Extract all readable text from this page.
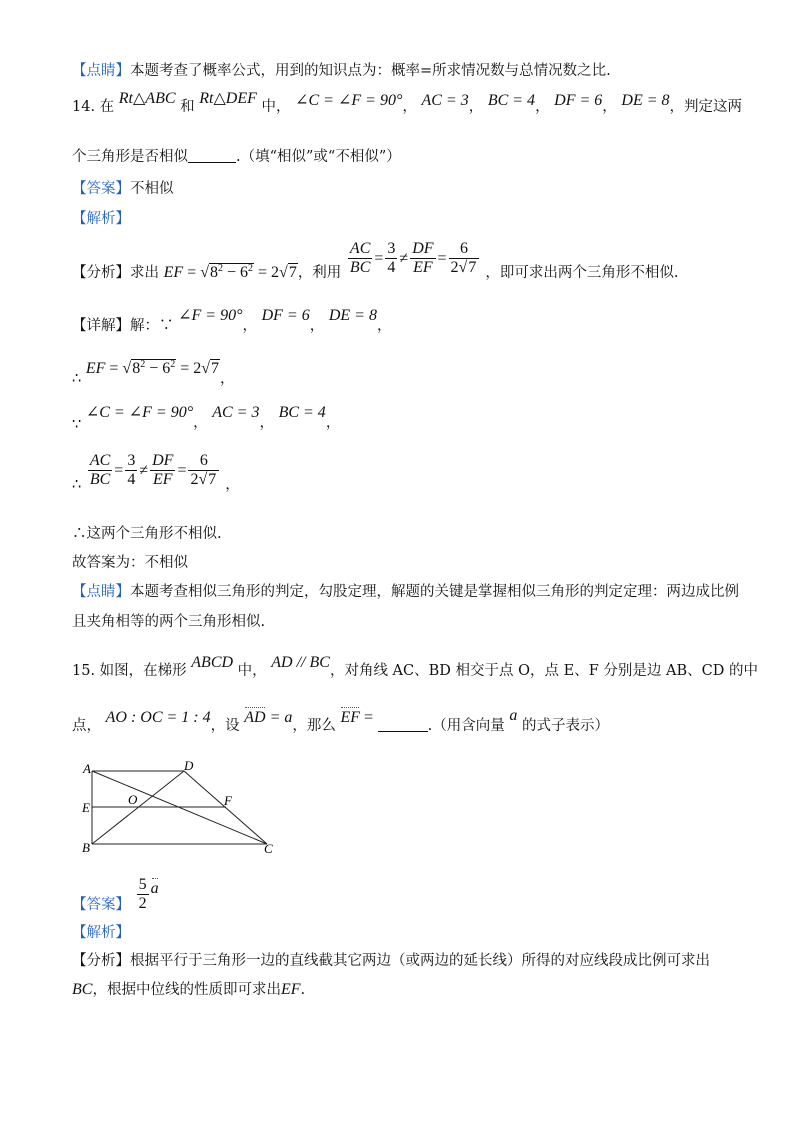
【点睛】本题考查了概率公式，用到的知识点为：概率=所求情况数与总情况数之比.
14. 在 Rt△ABC 和 Rt△DEF 中， ∠C = ∠F = 90°， AC = 3， BC = 4， DF = 6， DE = 8，判定这两
个三角形是否相似	.（填“相似”或“不相似”）
【答案】不相似
【解析】
【分析】求出 EF = $√8^2 - 6^2 = 2√7$，利用 $\frac{AC}{BC} = \frac{3}{4} \ne \frac{DF}{EF} = \frac{6}{2√7}$ ，即可求出两个三角形不相似.
【详解】解：∵ ∠F = 90°， DF = 6， DE = 8，
∴ EF = $√8^2 - 6^2 = 2√7$，
∵ ∠C = ∠F = 90°， AC = 3， BC = 4，
∴ $\frac{AC}{BC} = \frac{3}{4} \ne \frac{DF}{EF} = \frac{6}{2√7}$ ，
∴这两个三角形不相似.
故答案为：不相似
【点睛】本题考查相似三角形的判定，勾股定理，解题的关键是掌握相似三角形的判定定理：两边成比例
且夹角相等的两个三角形相似.
15. 如图，在梯形 ABCD 中， AD // BC，对角线 AC、BD 相交于点 O，点 E、F 分别是边 AB、CD 的中
点， AO : OC = 1 : 4，设 AD = a，那么 EF =	.（用含向量 a 的式子表示）
A	D
E
O	F
B	C
【答案】 $\frac{5}{2}$ a
【解析】
【分析】根据平行于三角形一边的直线截其它两边（或两边的延长线）所得的对应线段成比例可求出
BC，根据中位线的性质即可求出EF.
